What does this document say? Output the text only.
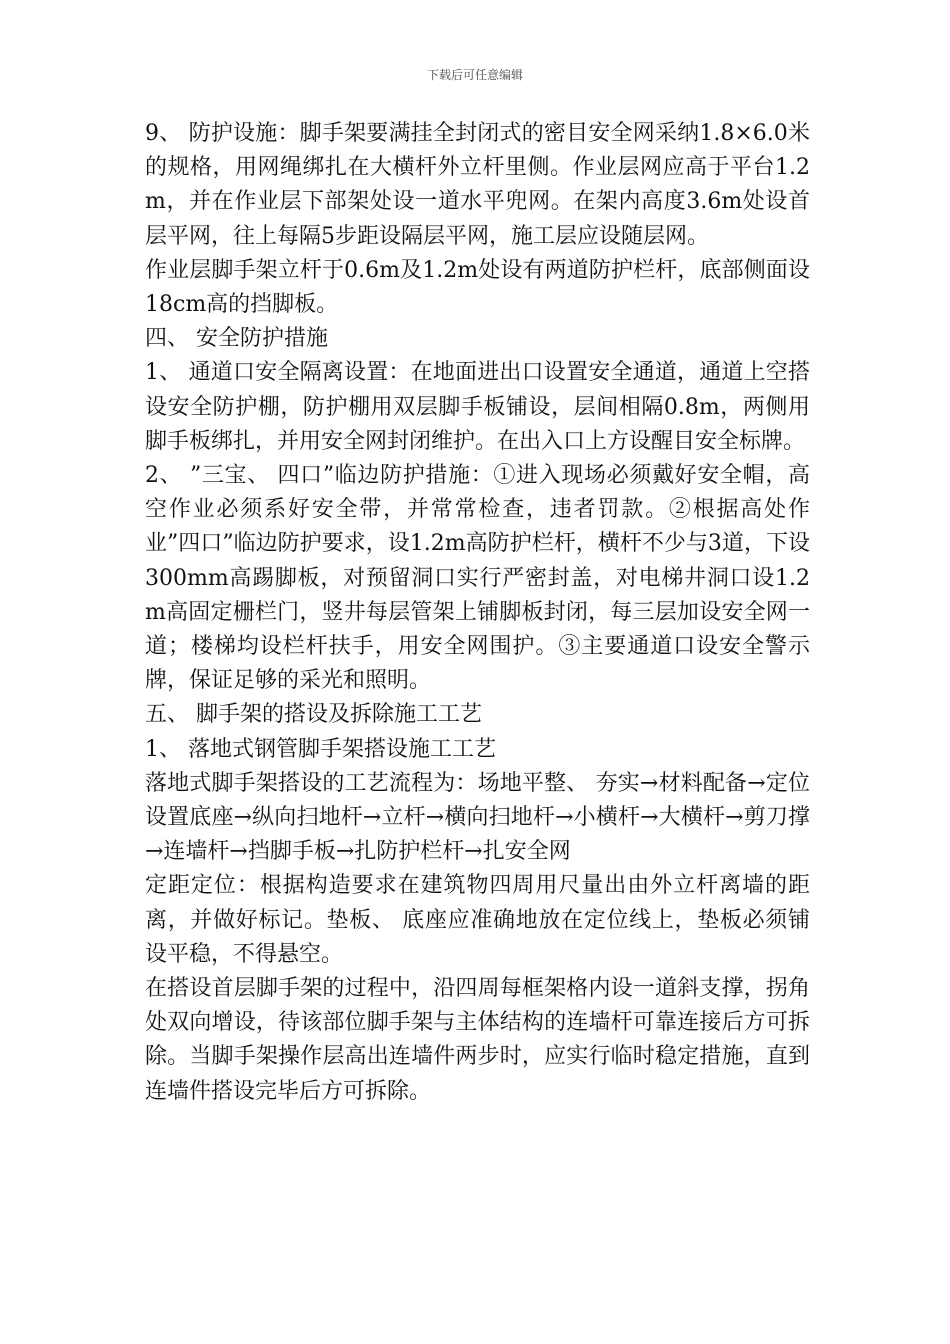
下载后可任意编辑

9、 防护设施：脚手架要满挂全封闭式的密目安全网采纳1.8×6.0米的规格，用网绳绑扎在大横杆外立杆里侧。作业层网应高于平台1.2m，并在作业层下部架处设一道水平兜网。在架内高度3.6m处设首层平网，往上每隔5步距设隔层平网，施工层应设随层网。

作业层脚手架立杆于0.6m及1.2m处设有两道防护栏杆，底部侧面设18cm高的挡脚板。

四、 安全防护措施

1、 通道口安全隔离设置：在地面进出口设置安全通道，通道上空搭设安全防护棚，防护棚用双层脚手板铺设，层间相隔0.8m，两侧用脚手板绑扎，并用安全网封闭维护。在出入口上方设醒目安全标牌。

2、 ”三宝、 四口”临边防护措施：①进入现场必须戴好安全帽，高空作业必须系好安全带，并常常检查，违者罚款。②根据高处作业”四口”临边防护要求，设1.2m高防护栏杆，横杆不少与3道，下设300mm高踢脚板，对预留洞口实行严密封盖，对电梯井洞口设1.2m高固定栅栏门，竖井每层管架上铺脚板封闭，每三层加设安全网一道；楼梯均设栏杆扶手，用安全网围护。③主要通道口设安全警示牌，保证足够的采光和照明。

五、 脚手架的搭设及拆除施工工艺

1、 落地式钢管脚手架搭设施工工艺

落地式脚手架搭设的工艺流程为：场地平整、 夯实→材料配备→定位设置底座→纵向扫地杆→立杆→横向扫地杆→小横杆→大横杆→剪刀撑→连墙杆→挡脚手板→扎防护栏杆→扎安全网

定距定位：根据构造要求在建筑物四周用尺量出由外立杆离墙的距离，并做好标记。垫板、 底座应准确地放在定位线上，垫板必须铺设平稳，不得悬空。

在搭设首层脚手架的过程中，沿四周每框架格内设一道斜支撑，拐角处双向增设，待该部位脚手架与主体结构的连墙杆可靠连接后方可拆除。当脚手架操作层高出连墙件两步时，应实行临时稳定措施，直到连墙件搭设完毕后方可拆除。
